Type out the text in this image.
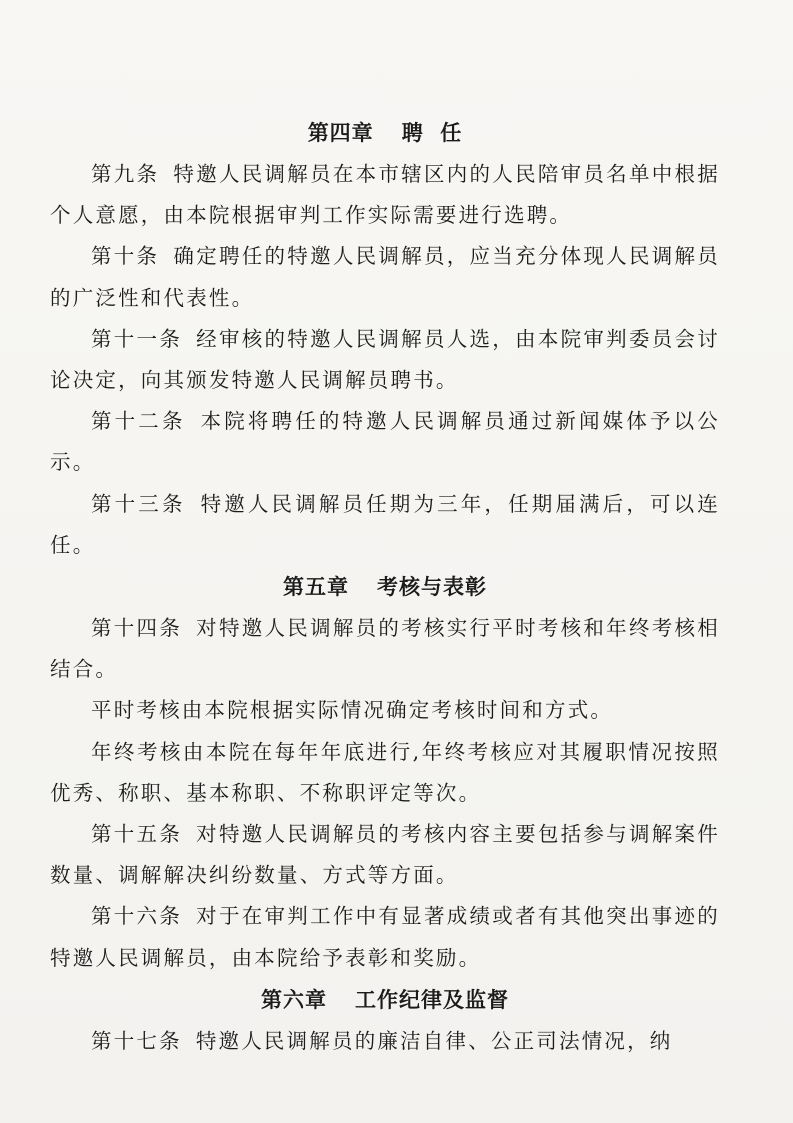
第四章 聘  任

第九条 特邀人民调解员在本市辖区内的人民陪审员名单中根据个人意愿，由本院根据审判工作实际需要进行选聘。

第十条 确定聘任的特邀人民调解员，应当充分体现人民调解员的广泛性和代表性。

第十一条 经审核的特邀人民调解员人选，由本院审判委员会讨论决定，向其颁发特邀人民调解员聘书。

第十二条 本院将聘任的特邀人民调解员通过新闻媒体予以公示。

第十三条 特邀人民调解员任期为三年，任期届满后，可以连任。

第五章 考核与表彰

第十四条 对特邀人民调解员的考核实行平时考核和年终考核相结合。

平时考核由本院根据实际情况确定考核时间和方式。

年终考核由本院在每年年底进行,年终考核应对其履职情况按照优秀、称职、基本称职、不称职评定等次。

第十五条 对特邀人民调解员的考核内容主要包括参与调解案件数量、调解解决纠纷数量、方式等方面。

第十六条 对于在审判工作中有显著成绩或者有其他突出事迹的特邀人民调解员，由本院给予表彰和奖励。

第六章 工作纪律及监督

第十七条 特邀人民调解员的廉洁自律、公正司法情况，纳
